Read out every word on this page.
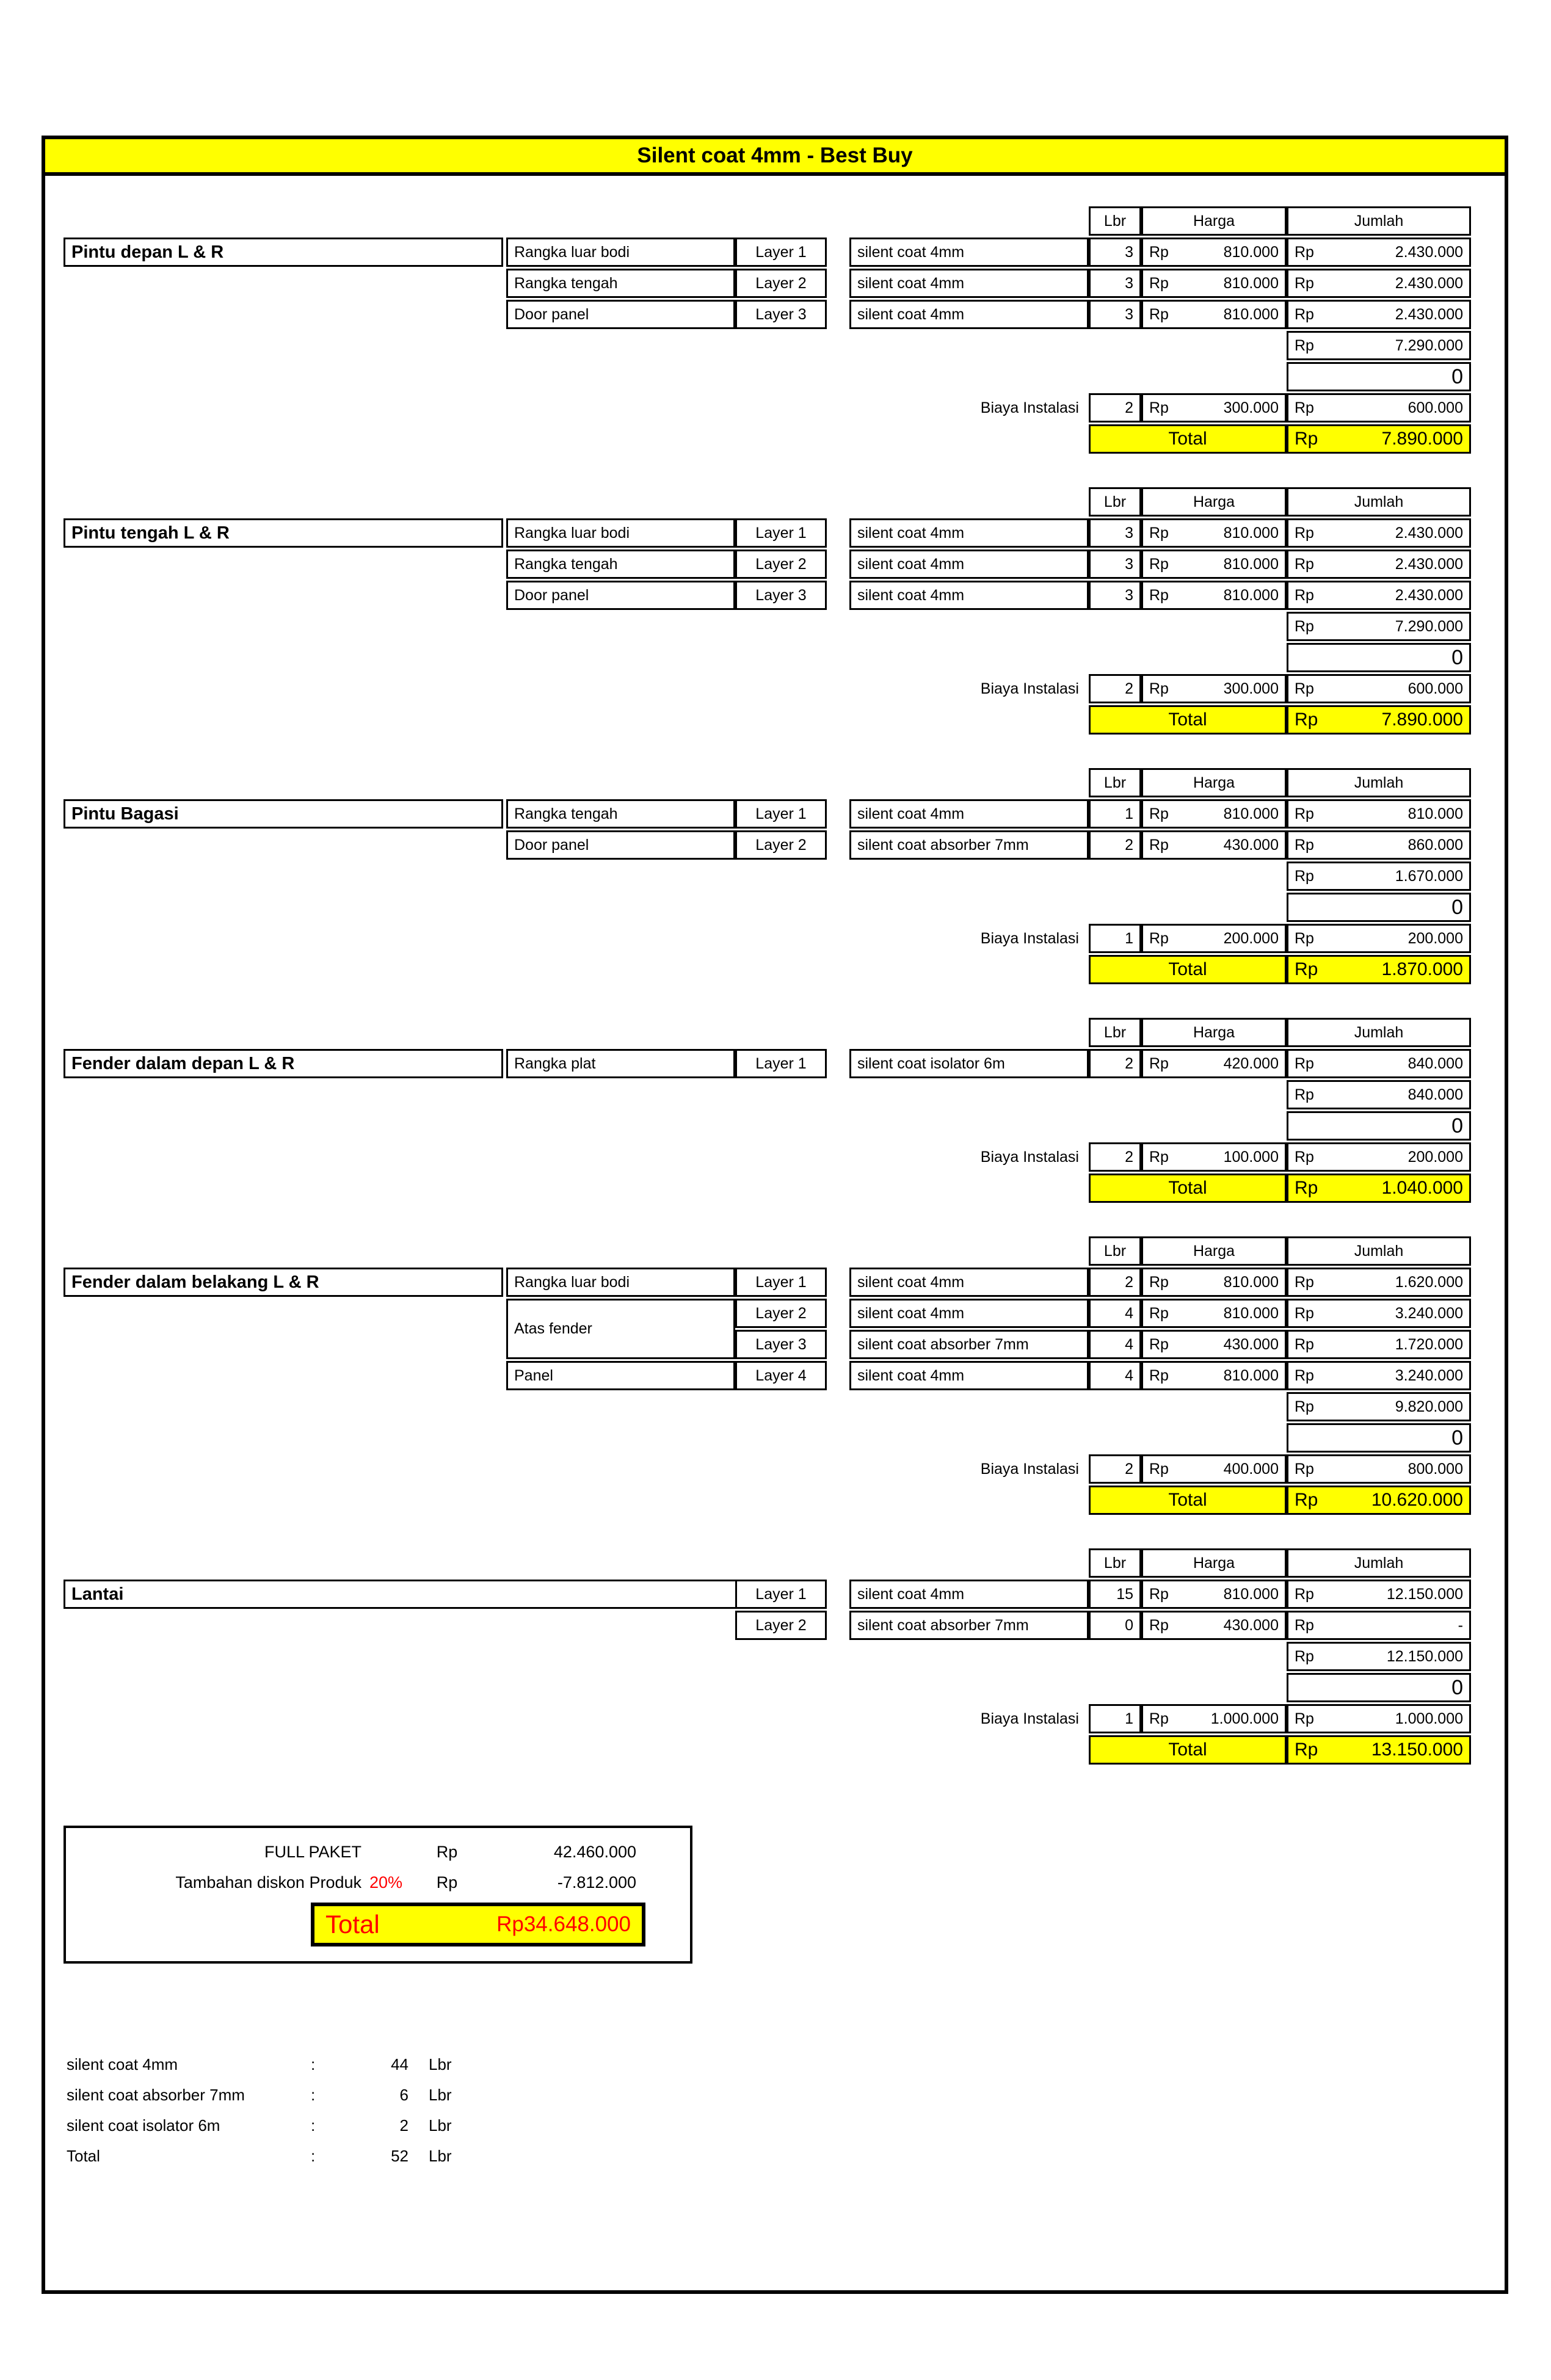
Silent coat 4mm - Best Buy
Lbr	Harga	Jumlah
Pintu depan L & R	Rangka luar bodi	Layer 1	silent coat 4mm	3	Rp	810.000 Rp	2.430.000
Rangka tengah	Layer 2	silent coat 4mm	3	Rp	810.000 Rp	2.430.000
Door panel	Layer 3	silent coat 4mm	3	Rp	810.000 Rp	2.430.000
Rp	7.290.000
0
Biaya Instalasi	2	Rp	300.000 Rp	600.000
Total	Rp	7.890.000
Lbr	Harga	Jumlah
Pintu tengah L & R	Rangka luar bodi	Layer 1	silent coat 4mm	3	Rp	810.000 Rp	2.430.000
Rangka tengah	Layer 2	silent coat 4mm	3	Rp	810.000 Rp	2.430.000
Door panel	Layer 3	silent coat 4mm	3	Rp	810.000 Rp	2.430.000
Rp	7.290.000
0
Biaya Instalasi	2	Rp	300.000 Rp	600.000
Total	Rp	7.890.000
Lbr	Harga	Jumlah
Pintu Bagasi	Rangka tengah	Layer 1	silent coat 4mm	1	Rp	810.000 Rp	810.000
Door panel	Layer 2	silent coat absorber 7mm	2	Rp	430.000 Rp	860.000
Rp	1.670.000
0
Biaya Instalasi	1	Rp	200.000 Rp	200.000
Total	Rp	1.870.000
Lbr	Harga	Jumlah
Fender dalam depan L & R	Rangka plat	Layer 1	silent coat isolator 6m	2	Rp	420.000 Rp	840.000
Rp	840.000
0
Biaya Instalasi	2	Rp	100.000 Rp	200.000
Total	Rp	1.040.000
Lbr	Harga	Jumlah
Fender dalam belakang L & R	Rangka luar bodi	Layer 1	silent coat 4mm	2	Rp	810.000 Rp	1.620.000
Atas fender
Layer 2	silent coat 4mm	4	Rp	810.000 Rp	3.240.000
Layer 3	silent coat absorber 7mm	4	Rp	430.000 Rp	1.720.000
Panel	Layer 4	silent coat 4mm	4	Rp	810.000 Rp	3.240.000
Rp	9.820.000
0
Biaya Instalasi	2	Rp	400.000 Rp	800.000
Total	Rp	10.620.000
Lbr	Harga	Jumlah
Lantai	Layer 1	silent coat 4mm	15	Rp	810.000 Rp	12.150.000
Layer 2	silent coat absorber 7mm	0	Rp	430.000 Rp	-
Rp	12.150.000
0
Biaya Instalasi	1	Rp	1.000.000 Rp	1.000.000
Total	Rp	13.150.000
FULL PAKET	Rp	42.460.000
Tambahan diskon Produk 20%	Rp	-7.812.000
Total	Rp34.648.000
silent coat 4mm	:	44	Lbr
silent coat absorber 7mm	:	6	Lbr
silent coat isolator 6m	:	2	Lbr
Total	:	52	Lbr
